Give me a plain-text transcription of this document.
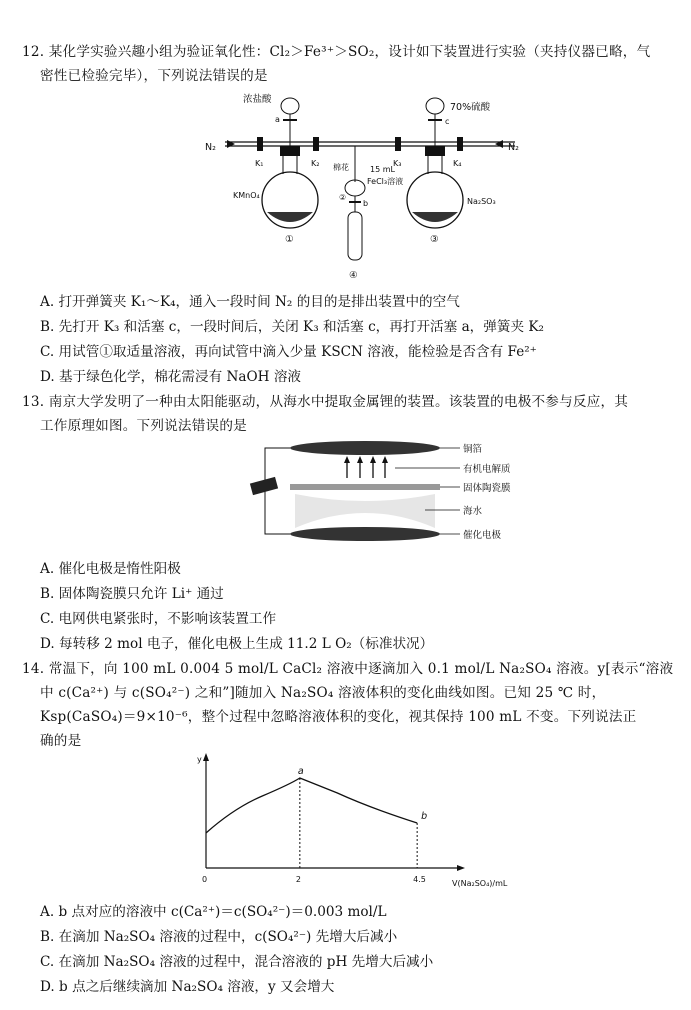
12. 某化学实验兴趣小组为验证氧化性：Cl₂＞Fe³⁺＞SO₂，设计如下装置进行实验（夹持仪器已略，气
密性已检验完毕），下列说法错误的是
N₂	N₂
K₁	K₂	K₃	K₄
浓盐酸
a
KMnO₄
①
棉花	15 mL
FeCl₃溶液
②
b
④
70%硫酸
c
Na₂SO₃
③
A. 打开弹簧夹 K₁～K₄，通入一段时间 N₂ 的目的是排出装置中的空气
B. 先打开 K₃ 和活塞 c，一段时间后，关闭 K₃ 和活塞 c，再打开活塞 a，弹簧夹 K₂
C. 用试管①取适量溶液，再向试管中滴入少量 KSCN 溶液，能检验是否含有 Fe²⁺
D. 基于绿色化学，棉花需浸有 NaOH 溶液
13. 南京大学发明了一种由太阳能驱动，从海水中提取金属锂的装置。该装置的电极不参与反应，其
工作原理如图。下列说法错误的是
铜箔
有机电解质
固体陶瓷膜
海水
催化电极
A. 催化电极是惰性阳极
B. 固体陶瓷膜只允许 Li⁺ 通过
C. 电网供电紧张时，不影响该装置工作
D. 每转移 2 mol 电子，催化电极上生成 11.2 L O₂（标准状况）
14. 常温下，向 100 mL 0.004 5 mol/L CaCl₂ 溶液中逐滴加入 0.1 mol/L Na₂SO₄ 溶液。y[表示“溶液
中 c(Ca²⁺) 与 c(SO₄²⁻) 之和”]随加入 Na₂SO₄ 溶液体积的变化曲线如图。已知 25 ℃ 时，
Ksp(CaSO₄)＝9×10⁻⁶，整个过程中忽略溶液体积的变化，视其保持 100 mL 不变。下列说法正
确的是
y
V(Na₂SO₄)/mL
a
b
0	2	4.5
A. b 点对应的溶液中 c(Ca²⁺)＝c(SO₄²⁻)＝0.003 mol/L
B. 在滴加 Na₂SO₄ 溶液的过程中，c(SO₄²⁻) 先增大后减小
C. 在滴加 Na₂SO₄ 溶液的过程中，混合溶液的 pH 先增大后减小
D. b 点之后继续滴加 Na₂SO₄ 溶液，y 又会增大
